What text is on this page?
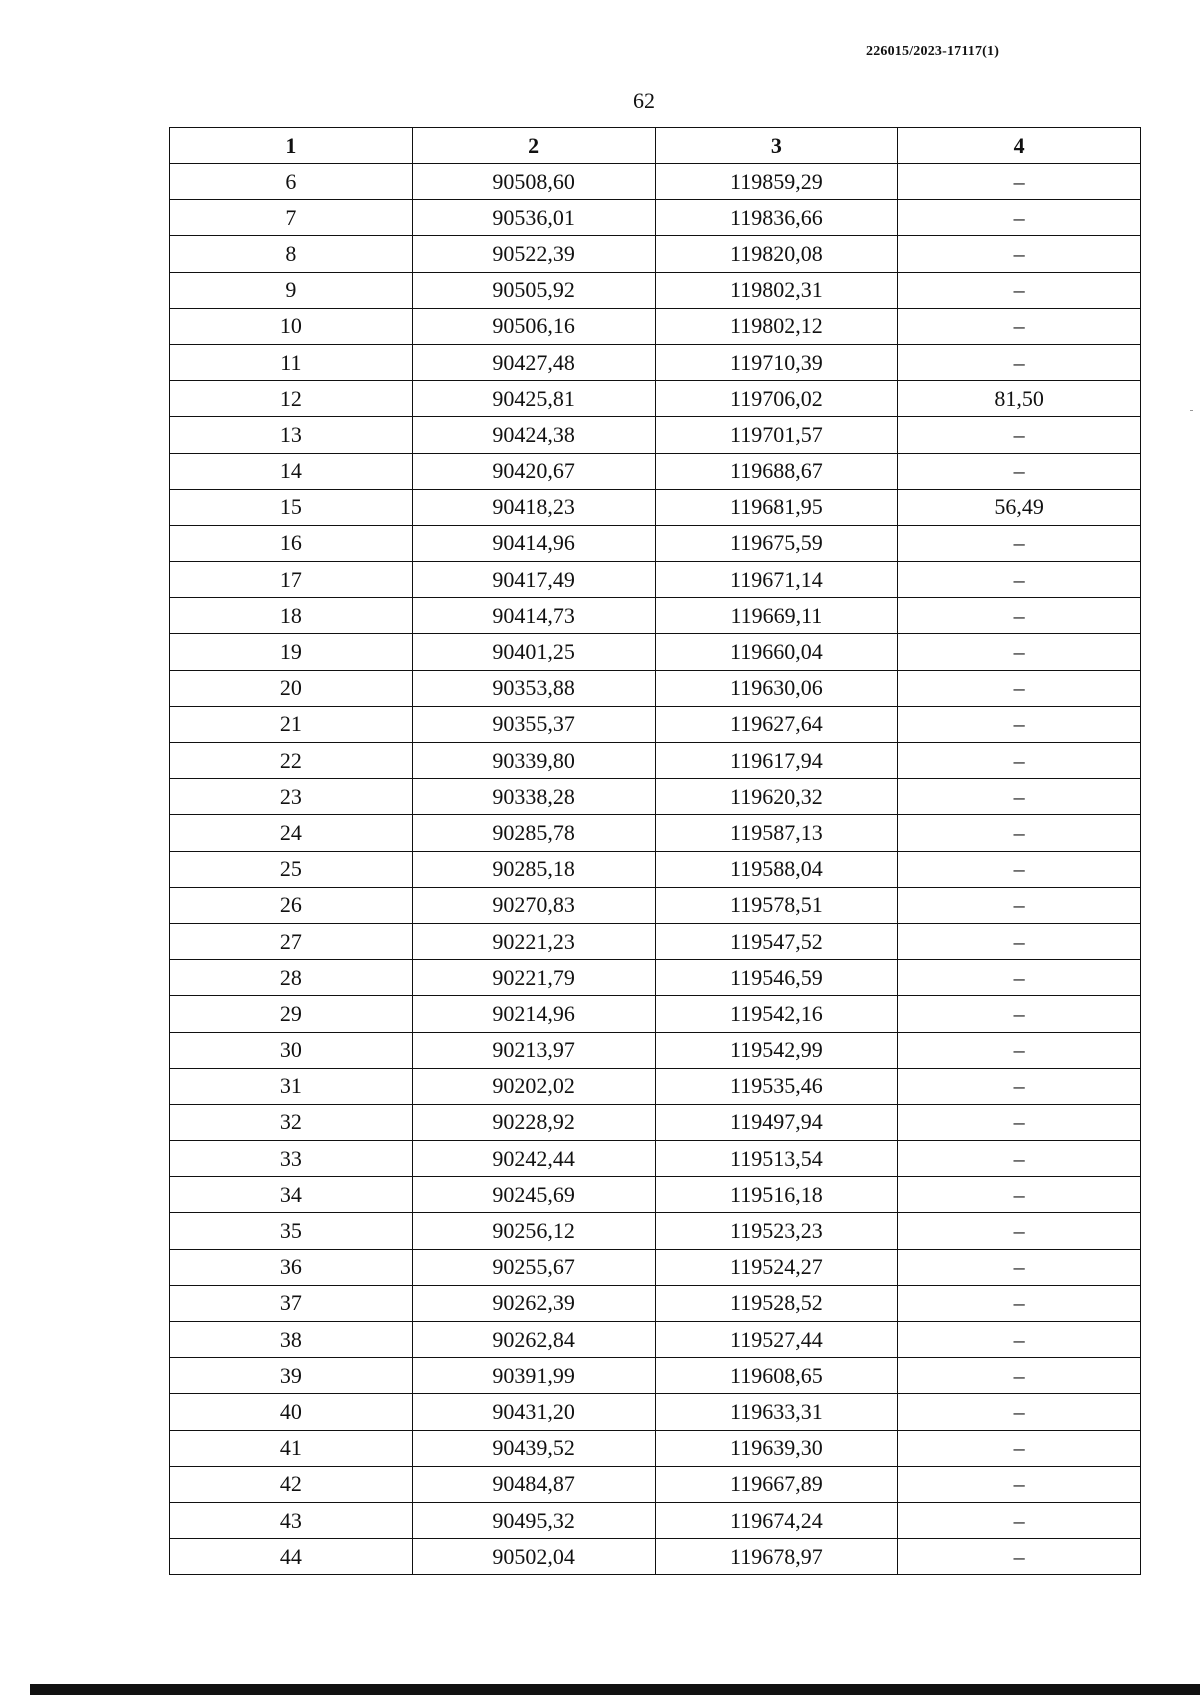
226015/2023-17117(1)
62
1	2	3	4
6	90508,60	119859,29	–
7	90536,01	119836,66	–
8	90522,39	119820,08	–
9	90505,92	119802,31	–
10	90506,16	119802,12	–
11	90427,48	119710,39	–
12	90425,81	119706,02	81,50
13	90424,38	119701,57	–
14	90420,67	119688,67	–
15	90418,23	119681,95	56,49
16	90414,96	119675,59	–
17	90417,49	119671,14	–
18	90414,73	119669,11	–
19	90401,25	119660,04	–
20	90353,88	119630,06	–
21	90355,37	119627,64	–
22	90339,80	119617,94	–
23	90338,28	119620,32	–
24	90285,78	119587,13	–
25	90285,18	119588,04	–
26	90270,83	119578,51	–
27	90221,23	119547,52	–
28	90221,79	119546,59	–
29	90214,96	119542,16	–
30	90213,97	119542,99	–
31	90202,02	119535,46	–
32	90228,92	119497,94	–
33	90242,44	119513,54	–
34	90245,69	119516,18	–
35	90256,12	119523,23	–
36	90255,67	119524,27	–
37	90262,39	119528,52	–
38	90262,84	119527,44	–
39	90391,99	119608,65	–
40	90431,20	119633,31	–
41	90439,52	119639,30	–
42	90484,87	119667,89	–
43	90495,32	119674,24	–
44	90502,04	119678,97	–
